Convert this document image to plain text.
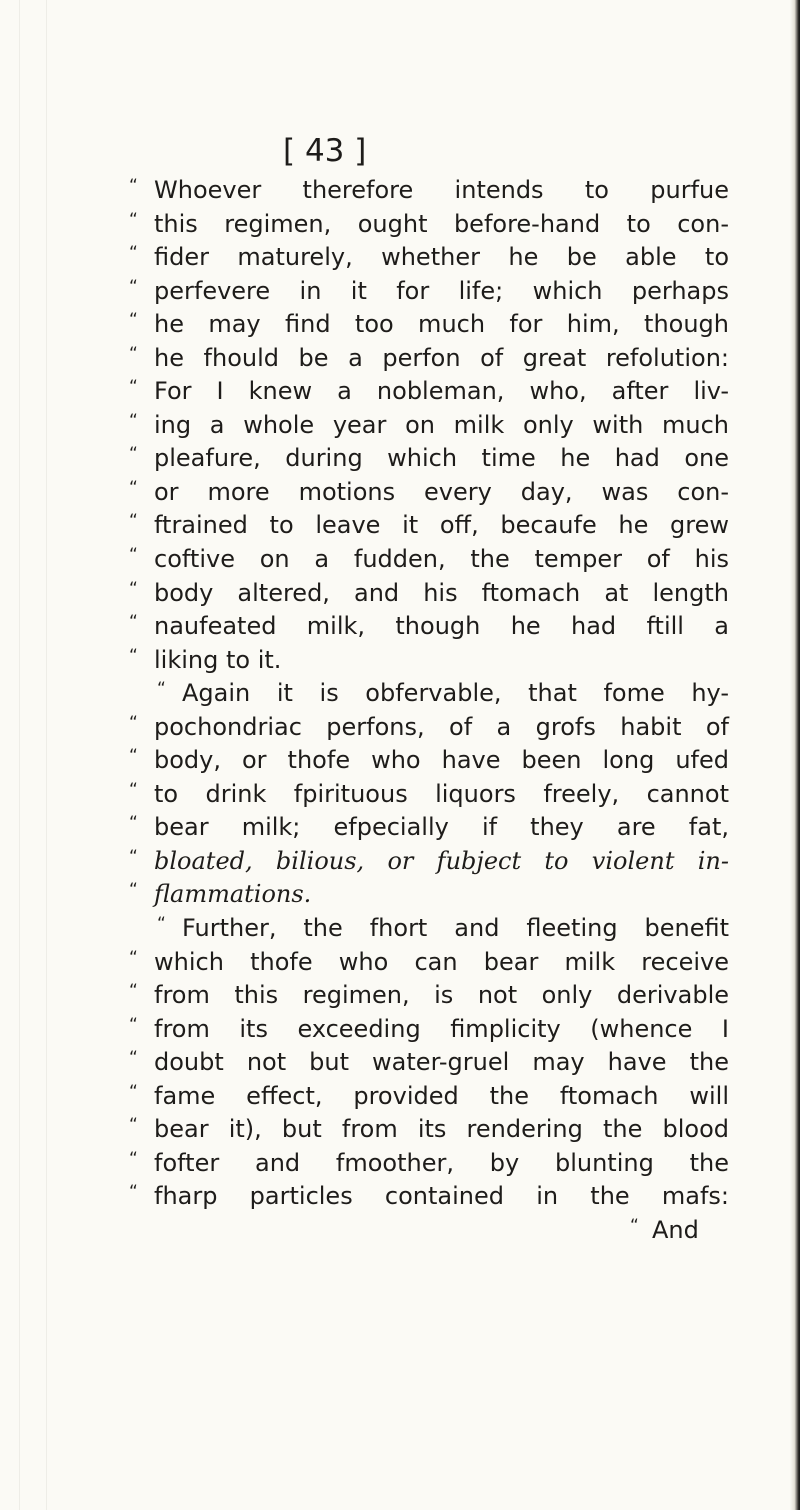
[ 43 ]
“ Whoever therefore intends to purfue
“ this regimen, ought before-hand to con-
“ fider maturely, whether he be able to
“ perfevere in it for life; which perhaps
“ he may find too much for him, though
“ he fhould be a perfon of great refolution:
“ For I knew a nobleman, who, after liv-
“ ing a whole year on milk only with much
“ pleafure, during which time he had one
“ or more motions every day, was con-
“ ftrained to leave it off, becaufe he grew
“ coftive on a fudden, the temper of his
“ body altered, and his ftomach at length
“ naufeated milk, though he had ftill a
“ liking to it.
“ Again it is obfervable, that fome hy-
“ pochondriac perfons, of a grofs habit of
“ body, or thofe who have been long ufed
“ to drink fpirituous liquors freely, cannot
“ bear milk; efpecially if they are fat,
“ bloated, bilious, or fubject to violent in-
“ flammations.
“ Further, the fhort and fleeting benefit
“ which thofe who can bear milk receive
“ from this regimen, is not only derivable
“ from its exceeding fimplicity (whence I
“ doubt not but water-gruel may have the
“ fame effect, provided the ftomach will
“ bear it), but from its rendering the blood
“ fofter and fmoother, by blunting the
“ fharp particles contained in the mafs:
“ And
